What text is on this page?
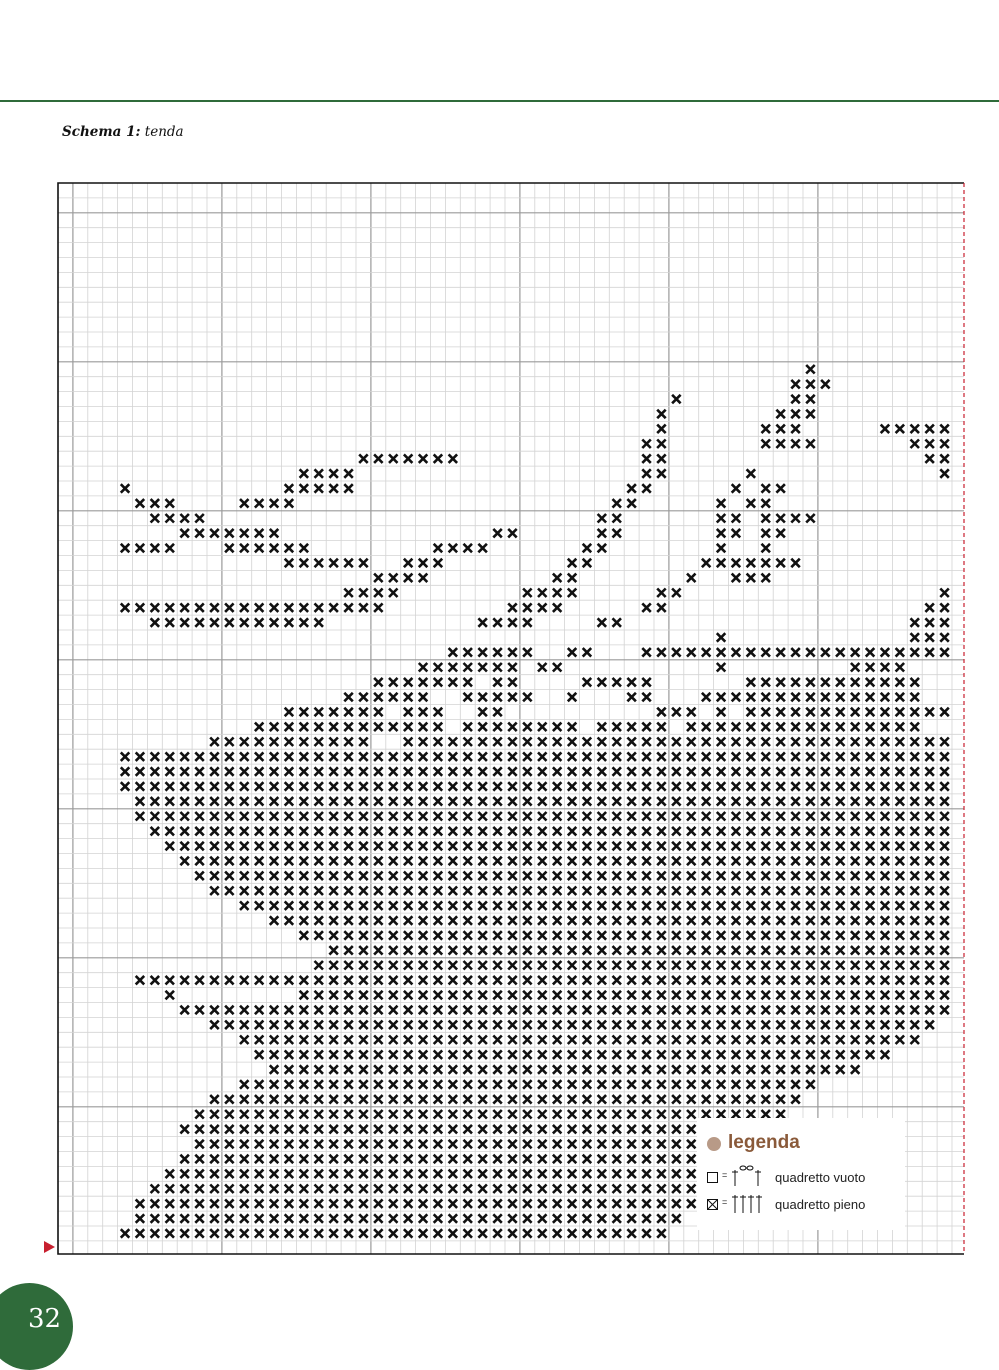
Schema 1: tenda
legenda
=	quadretto vuoto
=	quadretto pieno
32
